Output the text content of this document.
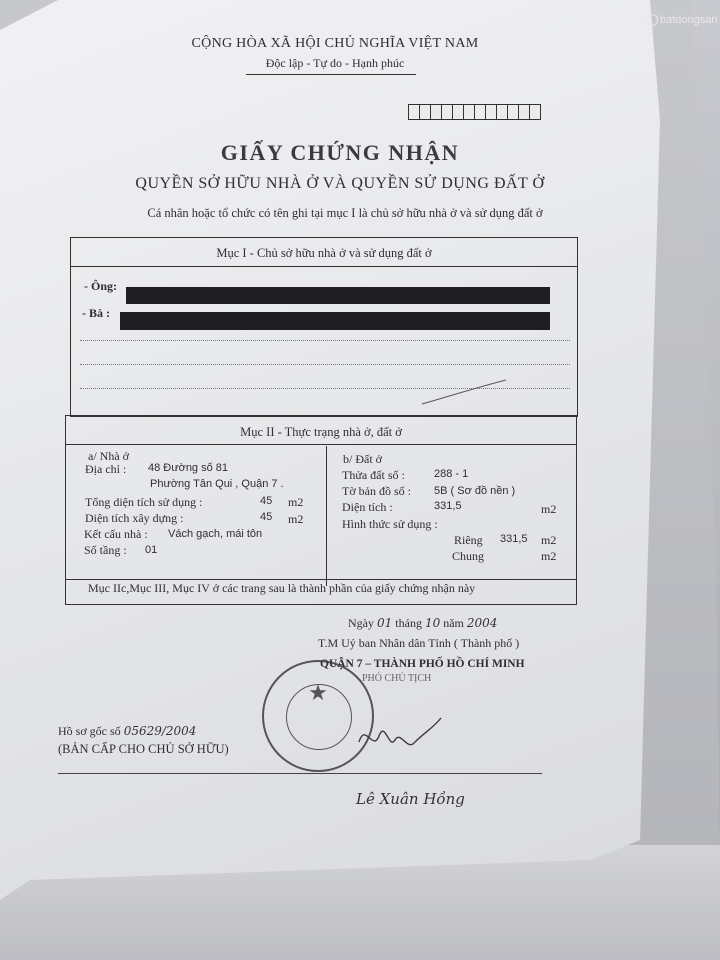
batdongsan
CỘNG HÒA XÃ HỘI CHỦ NGHĨA VIỆT NAM
Độc lập - Tự do - Hạnh phúc
GIẤY CHỨNG NHẬN
QUYỀN SỞ HỮU NHÀ Ở VÀ QUYỀN SỬ DỤNG ĐẤT Ở
Cá nhân hoặc tổ chức có tên ghi tại mục I là chủ sở hữu nhà ở và sử dụng đất ở
Mục I - Chủ sở hữu nhà ở và sử dụng đất ở
- Ông:
- Bà :
Mục II - Thực trạng nhà ở, đất ở
a/ Nhà ở
Địa chỉ : 48 Đường số 81
Phường Tân Qui , Quận 7 .
Tổng diện tích sử dụng :	45 m2
Diện tích xây dựng :	45 m2
Kết cấu nhà : Vách gạch, mái tôn
Số tầng : 01
b/ Đất ở
Thửa đất số :	288 - 1
Tờ bản đồ số : 5B ( Sơ đồ nền )
Diện tích :	331,5	m2
Hình thức sử dụng :
Riêng 331,5 m2
Chung	m2
Mục IIc,Mục III, Mục IV ở các trang sau là thành phần của giấy chứng nhận này
Ngày 01 tháng 10 năm 2004
T.M Uỷ ban Nhân dân Tỉnh ( Thành phố )
QUẬN 7 – THÀNH PHỐ HỒ CHÍ MINH
PHÓ CHỦ TỊCH
★
Hồ sơ gốc số 05629/2004
(BẢN CẤP CHO CHỦ SỞ HỮU)
Lê Xuân Hồng
